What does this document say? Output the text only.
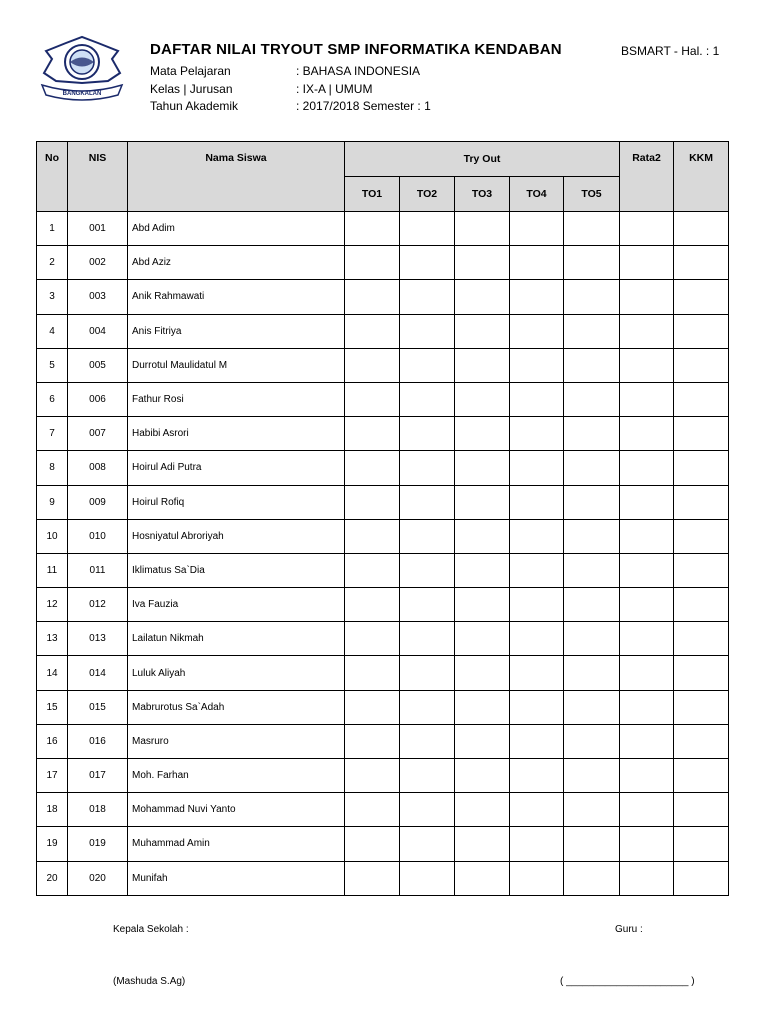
BANGKALAN
DAFTAR NILAI TRYOUT SMP INFORMATIKA KENDABAN	BSMART - Hal. : 1
Mata Pelajaran	: BAHASA INDONESIA
Kelas | Jurusan	: IX-A | UMUM
Tahun Akademik	: 2017/2018 Semester : 1
No	NIS	Nama Siswa	Try Out					Rata2	KKM
			TO1	TO2	TO3	TO4	TO5		
1	001	Abd Adim							
2	002	Abd Aziz							
3	003	Anik Rahmawati							
4	004	Anis Fitriya							
5	005	Durrotul Maulidatul M							
6	006	Fathur Rosi							
7	007	Habibi Asrori							
8	008	Hoirul Adi Putra							
9	009	Hoirul Rofiq							
10	010	Hosniyatul Abroriyah							
11	011	Iklimatus Sa`Dia							
12	012	Iva Fauzia							
13	013	Lailatun Nikmah							
14	014	Luluk Aliyah							
15	015	Mabrurotus Sa`Adah							
16	016	Masruro							
17	017	Moh. Farhan							
18	018	Mohammad Nuvi Yanto							
19	019	Muhammad Amin							
20	020	Munifah							
Kepala Sekolah :	Guru :
(Mashuda S.Ag)	( ______________________ )
